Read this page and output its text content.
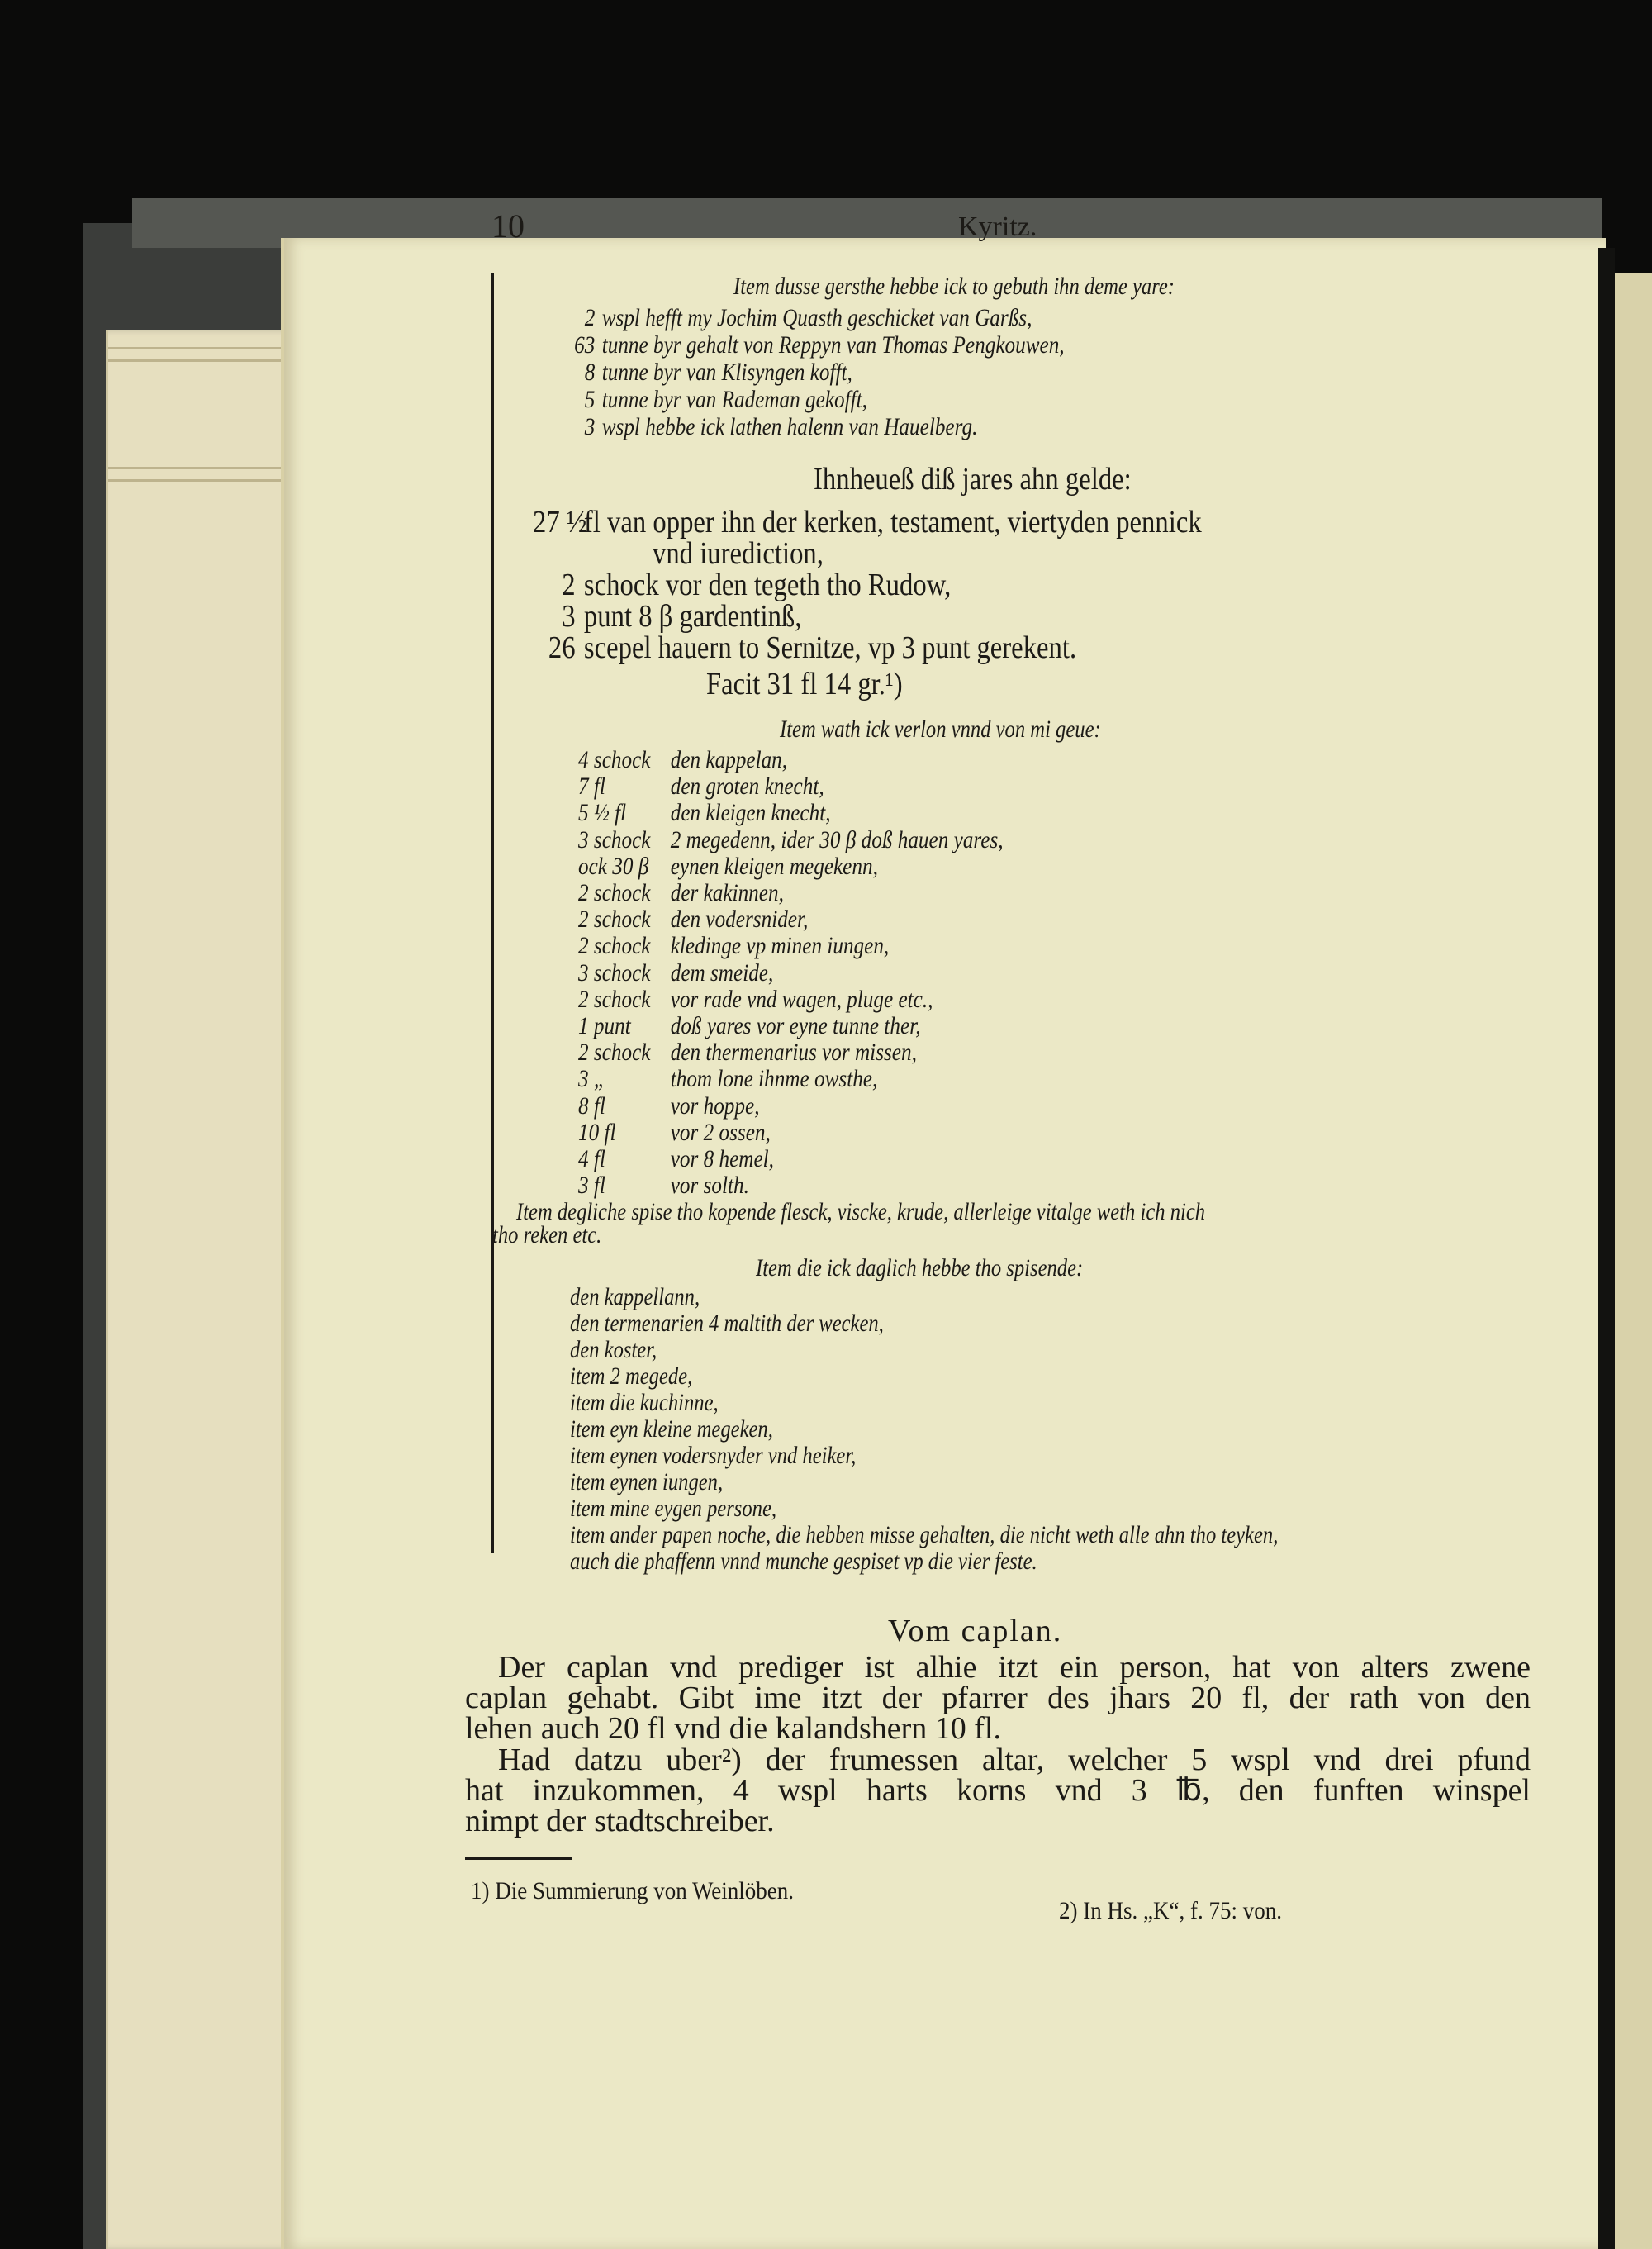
10	Kyritz.
Item dusse gersthe hebbe ick to gebuth ihn deme yare:
2 wspl hefft my Jochim Quasth geschicket van Garßs,
63 tunne byr gehalt von Reppyn van Thomas Pengkouwen,
8 tunne byr van Klisyngen kofft,
5 tunne byr van Rademan gekofft,
3 wspl hebbe ick lathen halenn van Hauelberg.
Ihnheueß diß jares ahn gelde:
27 ½fl van opper ihn der kerken, testament, viertyden pennick
vnd iurediction,
2 schock vor den tegeth tho Rudow,
3 punt 8 β gardentinß,
26 scepel hauern to Sernitze, vp 3 punt gerekent.
Facit 31 fl 14 gr.¹)
Item wath ick verlon vnnd von mi geue:
4 schock den kappelan,
7 fl	den groten knecht,
5 ½ fl den kleigen knecht,
3 schock 2 megedenn, ider 30 β doß hauen yares,
ock 30 β eynen kleigen megekenn,
2 schock der kakinnen,
2 schock den vodersnider,
2 schock kledinge vp minen iungen,
3 schock dem smeide,
2 schock vor rade vnd wagen, pluge etc.,
1 punt doß yares vor eyne tunne ther,
2 schock den thermenarius vor missen,
3 „	thom lone ihnme owsthe,
8 fl	vor hoppe,
10 fl vor 2 ossen,
4 fl	vor 8 hemel,
3 fl	vor solth.
Item degliche spise tho kopende flesck, viscke, krude, allerleige vitalge weth ich nich
tho reken etc.
Item die ick daglich hebbe tho spisende:
den kappellann,
den termenarien 4 maltith der wecken,
den koster,
item 2 megede,
item die kuchinne,
item eyn kleine megeken,
item eynen vodersnyder vnd heiker,
item eynen iungen,
item mine eygen persone,
item ander papen noche, die hebben misse gehalten, die nicht weth alle ahn tho teyken,
auch die phaffenn vnnd munche gespiset vp die vier feste.
Vom caplan.
Der caplan vnd prediger ist alhie itzt ein person, hat von alters zwene
caplan gehabt. Gibt ime itzt der pfarrer des jhars 20 fl, der rath von den
lehen auch 20 fl vnd die kalandshern 10 fl.
Had datzu uber²) der frumessen altar, welcher 5 wspl vnd drei pfund
hat inzukommen, 4 wspl harts korns vnd 3 ℔, den funften winspel
nimpt der stadtschreiber.
1) Die Summierung von Weinlöben.
2) In Hs. „K“, f. 75: von.
